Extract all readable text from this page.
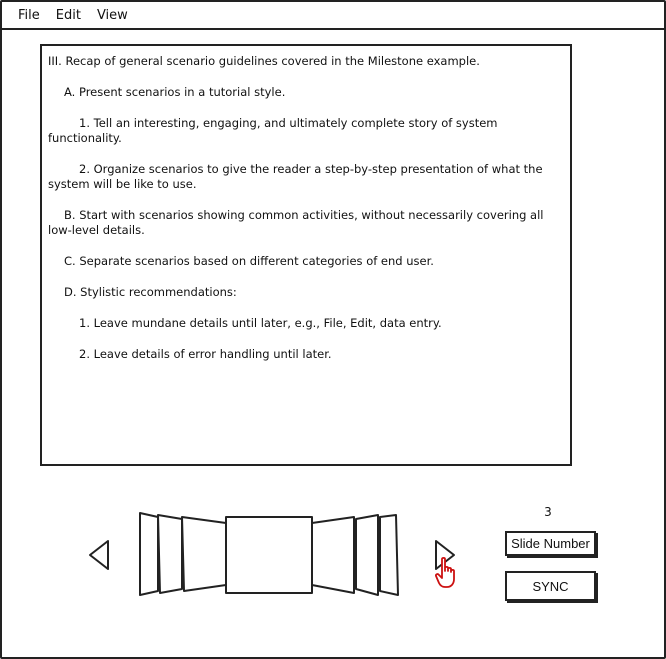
File	Edit	View

III. Recap of general scenario guidelines covered in the Milestone example.

A. Present scenarios in a tutorial style.

1. Tell an interesting, engaging, and ultimately complete story of system functionality.

2. Organize scenarios to give the reader a step-by-step presentation of what the system will be like to use.

B. Start with scenarios showing common activities, without necessarily covering all low-level details.

C. Separate scenarios based on different categories of end user.

D. Stylistic recommendations:

1. Leave mundane details until later, e.g., File, Edit, data entry.

2. Leave details of error handling until later.

3
Slide Number
SYNC
